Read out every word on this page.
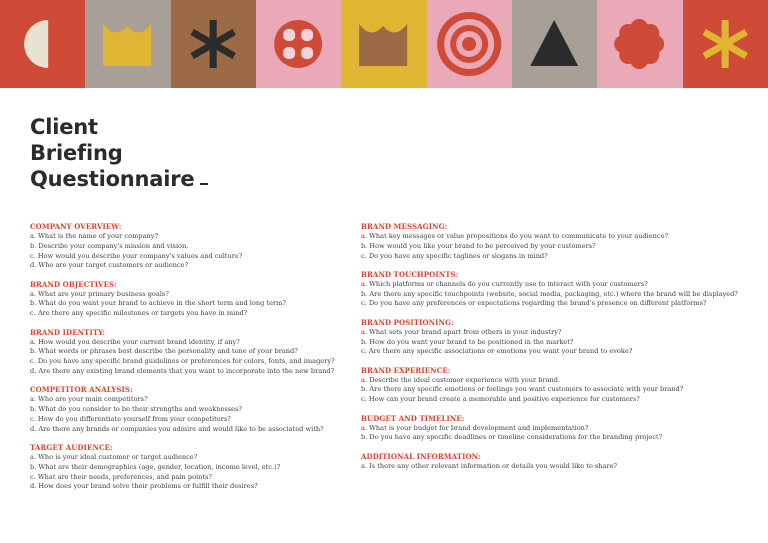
Client
Briefing
Questionnaire
COMPANY OVERVIEW:
a. What is the name of your company?
b. Describe your company's mission and vision.
c. How would you describe your company's values and culture?
d. Who are your target customers or audience?
BRAND OBJECTIVES:
a. What are your primary business goals?
b. What do you want your brand to achieve in the short term and long term?
c. Are there any specific milestones or targets you have in mind?
BRAND IDENTITY:
a. How would you describe your current brand identity, if any?
b. What words or phrases best describe the personality and tone of your brand?
c. Do you have any specific brand guidelines or preferences for colors, fonts, and imagery?
d. Are there any existing brand elements that you want to incorporate into the new brand?
COMPETITOR ANALYSIS:
a. Who are your main competitors?
b. What do you consider to be their strengths and weaknesses?
c. How do you differentiate yourself from your competitors?
d. Are there any brands or companies you admire and would like to be associated with?
TARGET AUDIENCE:
a. Who is your ideal customer or target audience?
b. What are their demographics (age, gender, location, income level, etc.)?
c. What are their needs, preferences, and pain points?
d. How does your brand solve their problems or fulfill their desires?
BRAND MESSAGING:
a. What key messages or value propositions do you want to communicate to your audience?
b. How would you like your brand to be perceived by your customers?
c. Do you have any specific taglines or slogans in mind?
BRAND TOUCHPOINTS:
a. Which platforms or channels do you currently use to interact with your customers?
b. Are there any specific touchpoints (website, social media, packaging, etc.) where the brand will be displayed?
c. Do you have any preferences or expectations regarding the brand's presence on different platforms?
BRAND POSITIONING:
a. What sets your brand apart from others in your industry?
b. How do you want your brand to be positioned in the market?
c. Are there any specific associations or emotions you want your brand to evoke?
BRAND EXPERIENCE:
a. Describe the ideal customer experience with your brand.
b. Are there any specific emotions or feelings you want customers to associate with your brand?
c. How can your brand create a memorable and positive experience for customers?
BUDGET AND TIMELINE:
a. What is your budget for brand development and implementation?
b. Do you have any specific deadlines or timeline considerations for the branding project?
ADDITIONAL INFORMATION:
a. Is there any other relevant information or details you would like to share?
